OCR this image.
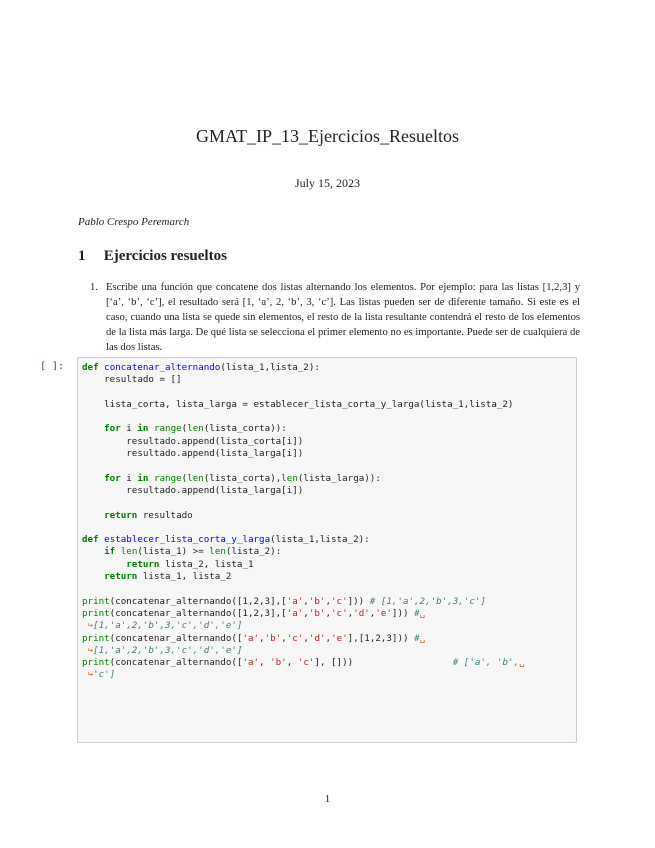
GMAT_IP_13_Ejercicios_Resueltos
July 15, 2023
Pablo Crespo Peremarch
1 Ejercicios resueltos
1. Escribe una función que concatene dos listas alternando los elementos. Por ejemplo: para las listas [1,2,3] y [‘a’, ‘b’, ‘c’], el resultado será [1, ‘a’, 2, ‘b’, 3, ‘c’]. Las listas pueden ser de diferente tamaño. Si este es el caso, cuando una lista se quede sin elementos, el resto de la lista resultante contendrá el resto de los elementos de la lista más larga. De qué lista se selecciona el primer elemento no es importante. Puede ser de cualquiera de las dos listas.
[ ]: def concatenar_alternando(lista_1,lista_2):
resultado = []

lista_corta, lista_larga = establecer_lista_corta_y_larga(lista_1,lista_2)

for i in range(len(lista_corta)):
resultado.append(lista_corta[i])
resultado.append(lista_larga[i])

for i in range(len(lista_corta),len(lista_larga)):
resultado.append(lista_larga[i])

return resultado

def establecer_lista_corta_y_larga(lista_1,lista_2):
if len(lista_1) >= len(lista_2):
return lista_2, lista_1
return lista_1, lista_2

print(concatenar_alternando([1,2,3],['a','b','c'])) # [1,'a',2,'b',3,'c']
print(concatenar_alternando([1,2,3],['a','b','c','d','e'])) #␣
↪[1,'a',2,'b',3,'c','d','e']
print(concatenar_alternando(['a','b','c','d','e'],[1,2,3])) #␣
↪[1,'a',2,'b',3,'c','d','e']
print(concatenar_alternando(['a', 'b', 'c'], []))                  # ['a', 'b',␣
↪'c']
1
